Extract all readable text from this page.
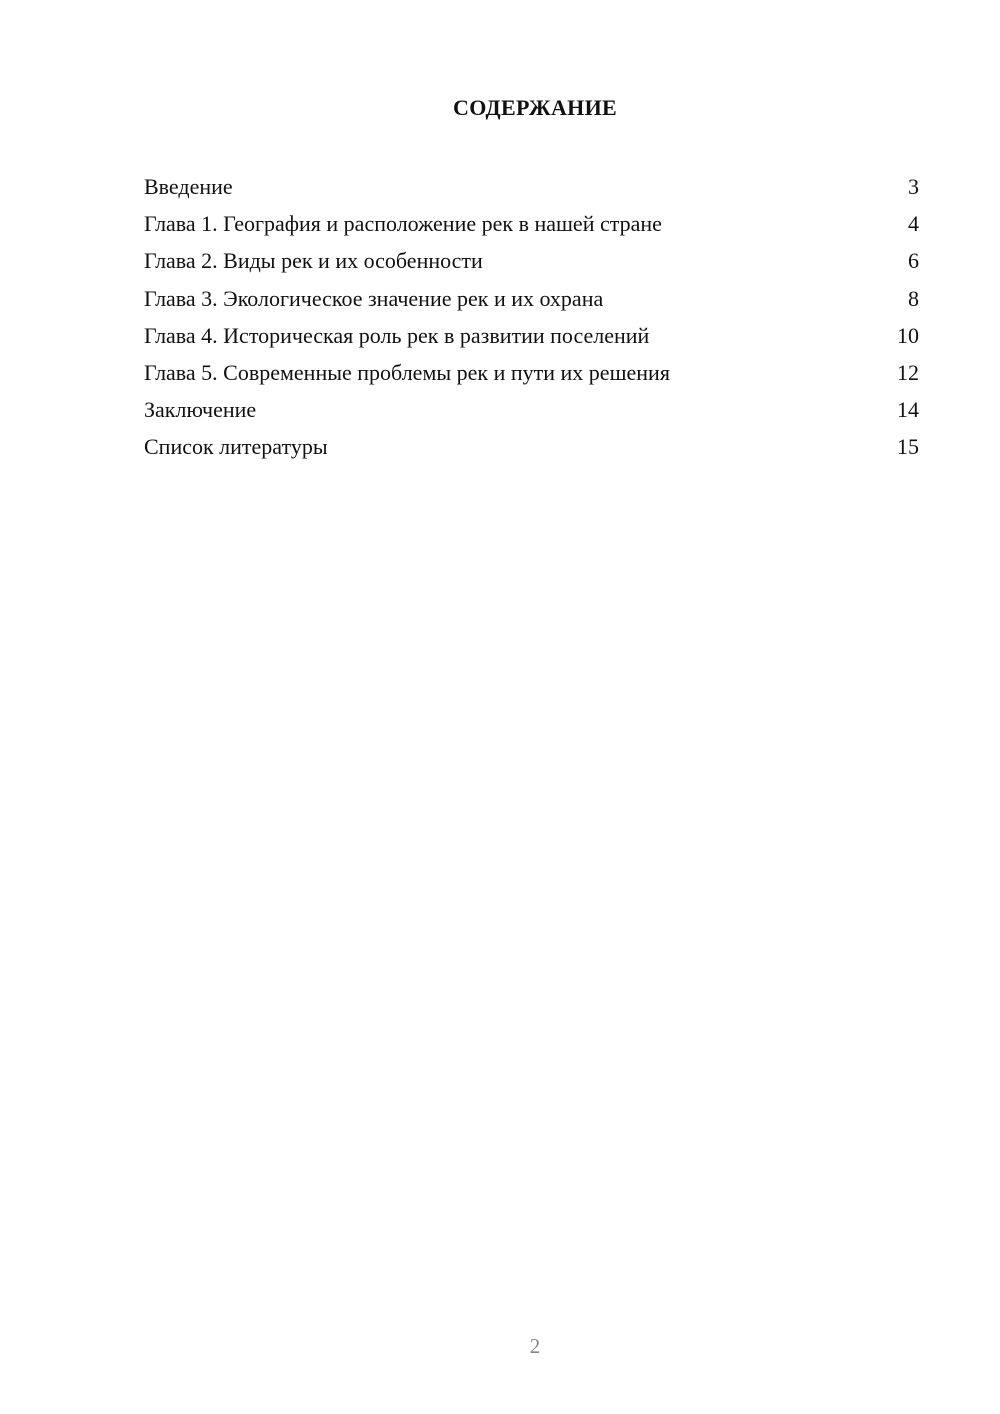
СОДЕРЖАНИЕ
Введение	3
Глава 1. География и расположение рек в нашей стране	4
Глава 2. Виды рек и их особенности	6
Глава 3. Экологическое значение рек и их охрана	8
Глава 4. Историческая роль рек в развитии поселений	10
Глава 5. Современные проблемы рек и пути их решения	12
Заключение	14
Список литературы	15
2
